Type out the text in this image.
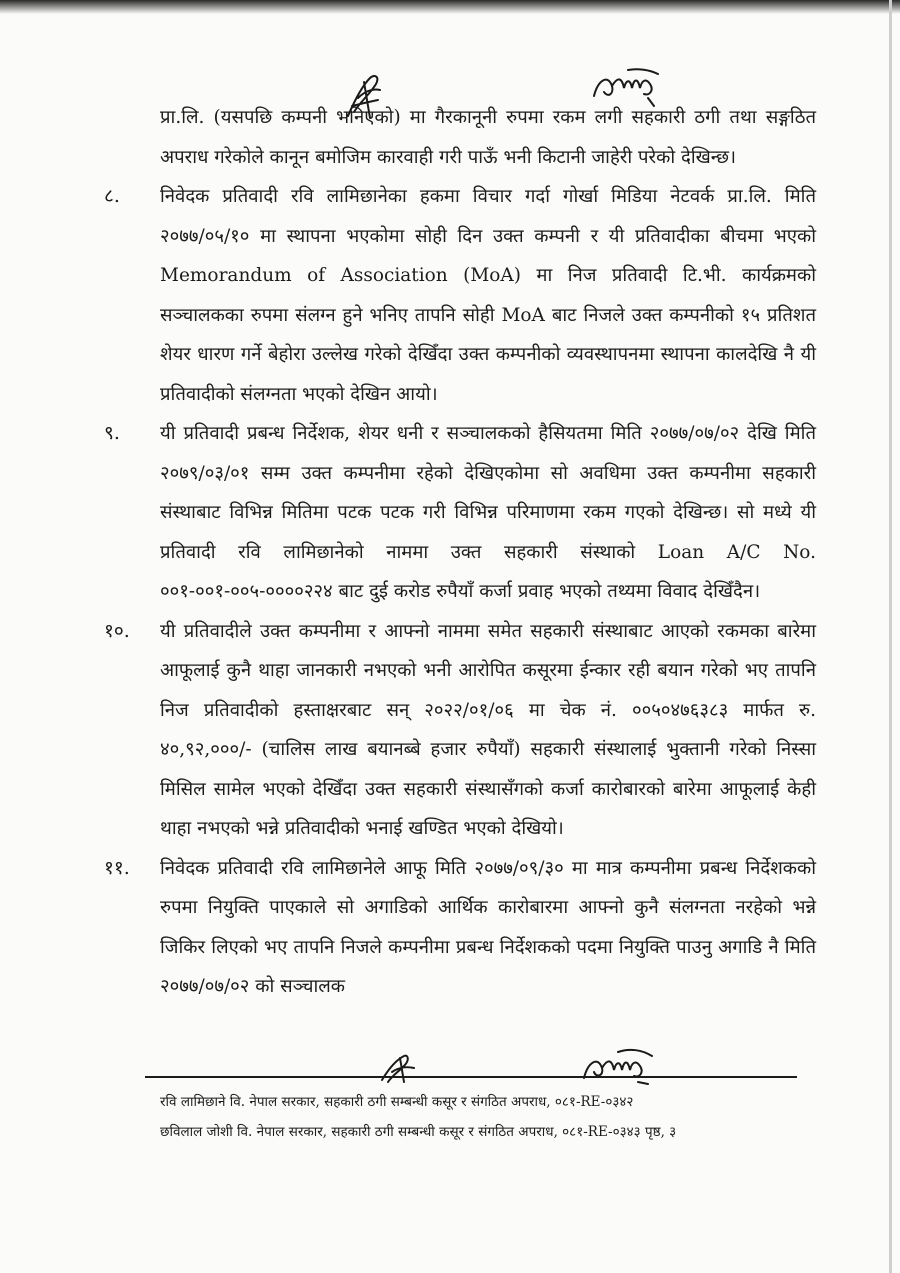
प्रा.लि. (यसपछि कम्पनी भनिएको) मा गैरकानूनी रुपमा रकम लगी सहकारी ठगी तथा सङ्गठित अपराध गरेकोले कानून बमोजिम कारवाही गरी पाऊँ भनी किटानी जाहेरी परेको देखिन्छ।

८.	निवेदक प्रतिवादी रवि लामिछानेका हकमा विचार गर्दा गोर्खा मिडिया नेटवर्क प्रा.लि. मिति २०७७/०५/१० मा स्थापना भएकोमा सोही दिन उक्त कम्पनी र यी प्रतिवादीका बीचमा भएको Memorandum of Association (MoA) मा निज प्रतिवादी टि.भी. कार्यक्रमको सञ्चालकका रुपमा संलग्न हुने भनिए तापनि सोही MoA बाट निजले उक्त कम्पनीको १५ प्रतिशत शेयर धारण गर्ने बेहोरा उल्लेख गरेको देखिँदा उक्त कम्पनीको व्यवस्थापनमा स्थापना कालदेखि नै यी प्रतिवादीको संलग्नता भएको देखिन आयो।

९.	यी प्रतिवादी प्रबन्ध निर्देशक, शेयर धनी र सञ्चालकको हैसियतमा मिति २०७७/०७/०२ देखि मिति २०७९/०३/०१ सम्म उक्त कम्पनीमा रहेको देखिएकोमा सो अवधिमा उक्त कम्पनीमा सहकारी संस्थाबाट विभिन्न मितिमा पटक पटक गरी विभिन्न परिमाणमा रकम गएको देखिन्छ। सो मध्ये यी प्रतिवादी रवि लामिछानेको नाममा उक्त सहकारी संस्थाको Loan A/C No. ००१-००१-००५-००००२२४ बाट दुई करोड रुपैयाँ कर्जा प्रवाह भएको तथ्यमा विवाद देखिँदैन।

१०.	यी प्रतिवादीले उक्त कम्पनीमा र आफ्नो नाममा समेत सहकारी संस्थाबाट आएको रकमका बारेमा आफूलाई कुनै थाहा जानकारी नभएको भनी आरोपित कसूरमा ईन्कार रही बयान गरेको भए तापनि निज प्रतिवादीको हस्ताक्षरबाट सन् २०२२/०१/०६ मा चेक नं. ००५०४७६३८३ मार्फत रु. ४०,९२,०००/- (चालिस लाख बयानब्बे हजार रुपैयाँ) सहकारी संस्थालाई भुक्तानी गरेको निस्सा मिसिल सामेल भएको देखिँदा उक्त सहकारी संस्थासँगको कर्जा कारोबारको बारेमा आफूलाई केही थाहा नभएको भन्ने प्रतिवादीको भनाई खण्डित भएको देखियो।

११.	निवेदक प्रतिवादी रवि लामिछानेले आफू मिति २०७७/०९/३० मा मात्र कम्पनीमा प्रबन्ध निर्देशकको रुपमा नियुक्ति पाएकाले सो अगाडिको आर्थिक कारोबारमा आफ्नो कुनै संलग्नता नरहेको भन्ने जिकिर लिएको भए तापनि निजले कम्पनीमा प्रबन्ध निर्देशकको पदमा नियुक्ति पाउनु अगाडि नै मिति २०७७/०७/०२ को सञ्चालक

रवि लामिछाने वि. नेपाल सरकार, सहकारी ठगी सम्बन्धी कसूर र संगठित अपराध, ०८१-RE-०३४२
छविलाल जोशी वि. नेपाल सरकार, सहकारी ठगी सम्बन्धी कसूर र संगठित अपराध, ०८१-RE-०३४३ पृष्ठ, ३
